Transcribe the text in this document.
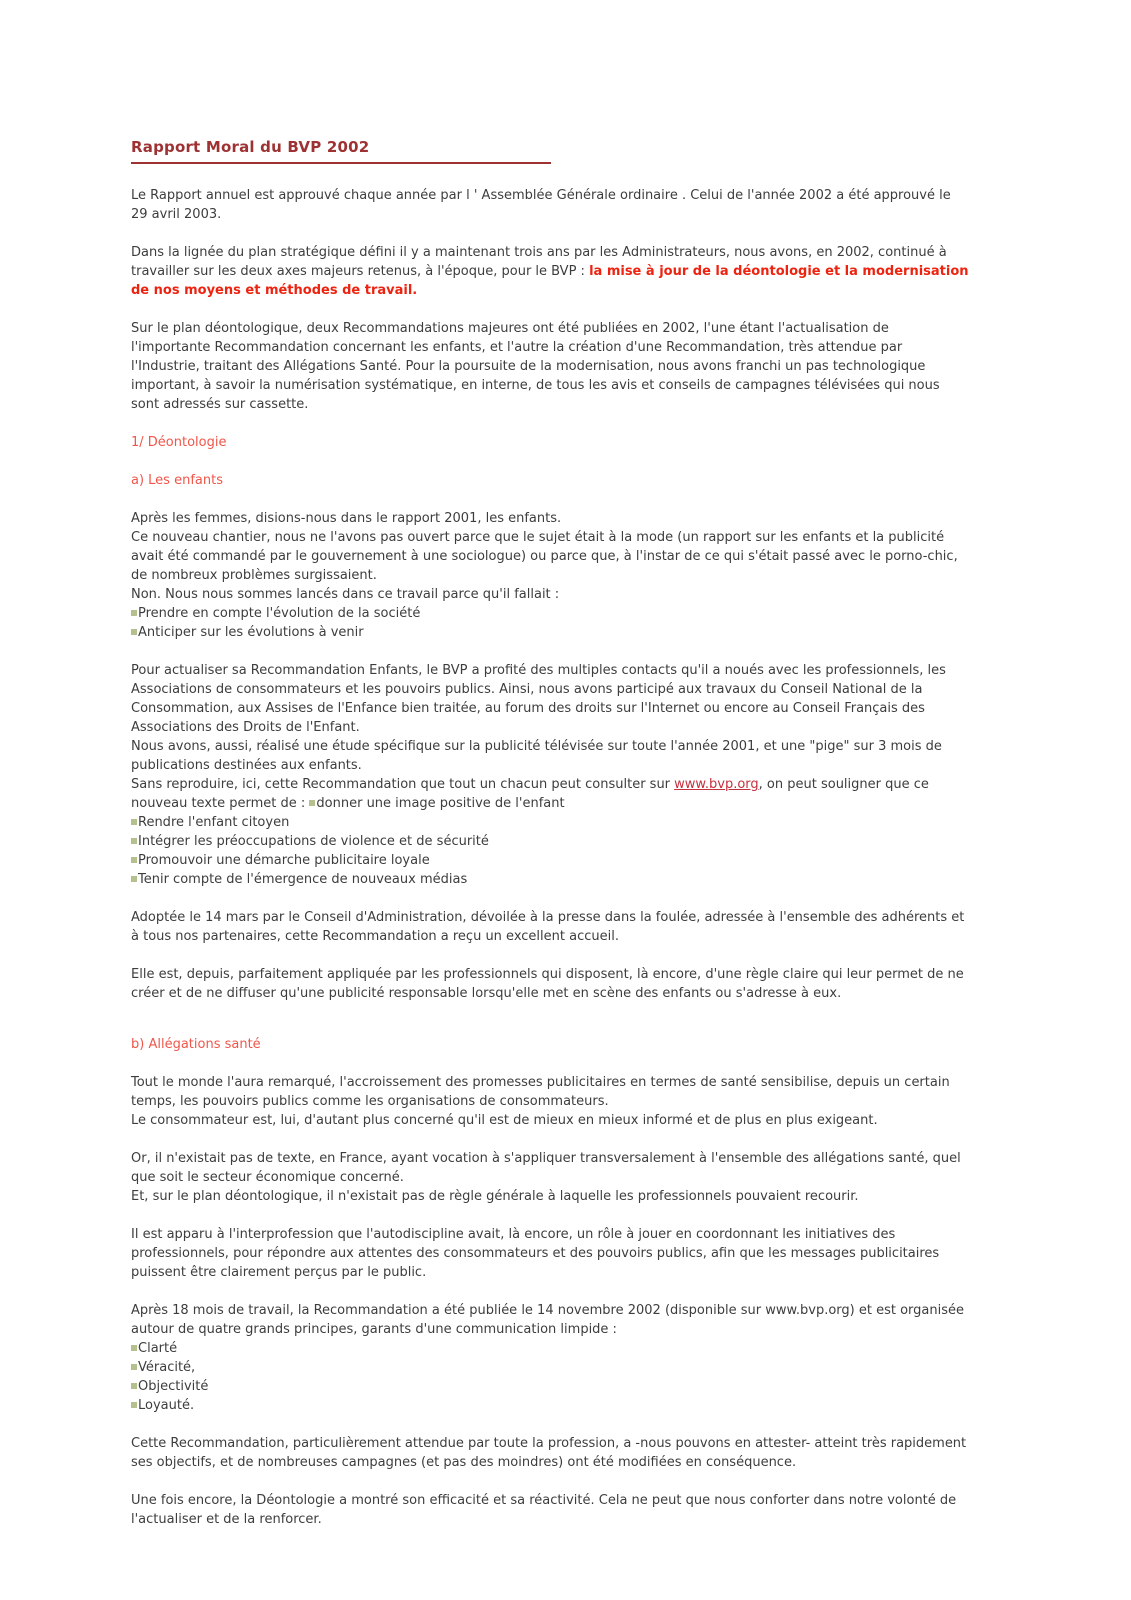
Rapport Moral du BVP 2002
Le Rapport annuel est approuvé chaque année par l ' Assemblée Générale ordinaire . Celui de l'année 2002 a été approuvé le 29 avril 2003.
Dans la lignée du plan stratégique défini il y a maintenant trois ans par les Administrateurs, nous avons, en 2002, continué à travailler sur les deux axes majeurs retenus, à l'époque, pour le BVP : la mise à jour de la déontologie et la modernisation de nos moyens et méthodes de travail.
Sur le plan déontologique, deux Recommandations majeures ont été publiées en 2002, l'une étant l'actualisation de l'importante Recommandation concernant les enfants, et l'autre la création d'une Recommandation, très attendue par l'Industrie, traitant des Allégations Santé. Pour la poursuite de la modernisation, nous avons franchi un pas technologique important, à savoir la numérisation systématique, en interne, de tous les avis et conseils de campagnes télévisées qui nous sont adressés sur cassette.
1/ Déontologie
a) Les enfants
Après les femmes, disions-nous dans le rapport 2001, les enfants.
Ce nouveau chantier, nous ne l'avons pas ouvert parce que le sujet était à la mode (un rapport sur les enfants et la publicité avait été commandé par le gouvernement à une sociologue) ou parce que, à l'instar de ce qui s'était passé avec le porno-chic, de nombreux problèmes surgissaient.
Non. Nous nous sommes lancés dans ce travail parce qu'il fallait :
Prendre en compte l'évolution de la société
Anticiper sur les évolutions à venir
Pour actualiser sa Recommandation Enfants, le BVP a profité des multiples contacts qu'il a noués avec les professionnels, les Associations de consommateurs et les pouvoirs publics. Ainsi, nous avons participé aux travaux du Conseil National de la Consommation, aux Assises de l'Enfance bien traitée, au forum des droits sur l'Internet ou encore au Conseil Français des Associations des Droits de l'Enfant.
Nous avons, aussi, réalisé une étude spécifique sur la publicité télévisée sur toute l'année 2001, et une "pige" sur 3 mois de publications destinées aux enfants.
Sans reproduire, ici, cette Recommandation que tout un chacun peut consulter sur www.bvp.org, on peut souligner que ce nouveau texte permet de : donner une image positive de l'enfant
Rendre l'enfant citoyen
Intégrer les préoccupations de violence et de sécurité
Promouvoir une démarche publicitaire loyale
Tenir compte de l'émergence de nouveaux médias
Adoptée le 14 mars par le Conseil d'Administration, dévoilée à la presse dans la foulée, adressée à l'ensemble des adhérents et à tous nos partenaires, cette Recommandation a reçu un excellent accueil.
Elle est, depuis, parfaitement appliquée par les professionnels qui disposent, là encore, d'une règle claire qui leur permet de ne créer et de ne diffuser qu'une publicité responsable lorsqu'elle met en scène des enfants ou s'adresse à eux.
b) Allégations santé
Tout le monde l'aura remarqué, l'accroissement des promesses publicitaires en termes de santé sensibilise, depuis un certain temps, les pouvoirs publics comme les organisations de consommateurs.
Le consommateur est, lui, d'autant plus concerné qu'il est de mieux en mieux informé et de plus en plus exigeant.
Or, il n'existait pas de texte, en France, ayant vocation à s'appliquer transversalement à l'ensemble des allégations santé, quel que soit le secteur économique concerné.
Et, sur le plan déontologique, il n'existait pas de règle générale à laquelle les professionnels pouvaient recourir.
Il est apparu à l'interprofession que l'autodiscipline avait, là encore, un rôle à jouer en coordonnant les initiatives des professionnels, pour répondre aux attentes des consommateurs et des pouvoirs publics, afin que les messages publicitaires puissent être clairement perçus par le public.
Après 18 mois de travail, la Recommandation a été publiée le 14 novembre 2002 (disponible sur www.bvp.org) et est organisée autour de quatre grands principes, garants d'une communication limpide :
Clarté
Véracité,
Objectivité
Loyauté.
Cette Recommandation, particulièrement attendue par toute la profession, a -nous pouvons en attester- atteint très rapidement ses objectifs, et de nombreuses campagnes (et pas des moindres) ont été modifiées en conséquence.
Une fois encore, la Déontologie a montré son efficacité et sa réactivité. Cela ne peut que nous conforter dans notre volonté de l'actualiser et de la renforcer.
